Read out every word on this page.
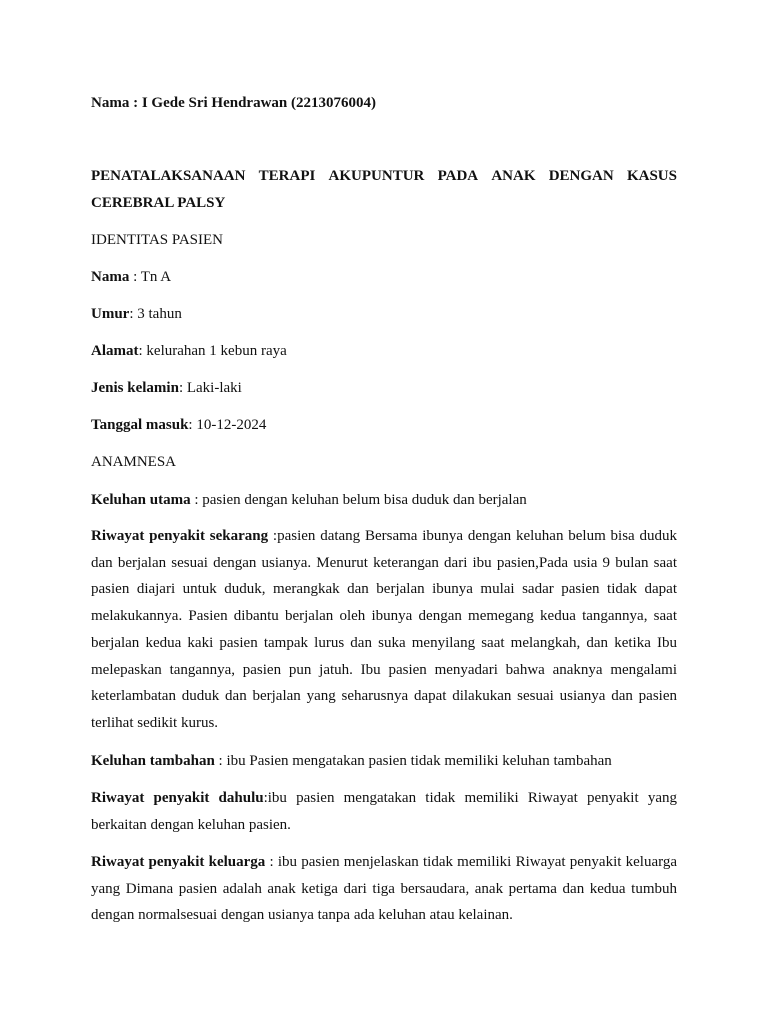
Nama : I Gede Sri Hendrawan (2213076004)
PENATALAKSANAAN TERAPI AKUPUNTUR PADA ANAK DENGAN KASUS
CEREBRAL PALSY
IDENTITAS PASIEN
Nama : Tn A
Umur: 3 tahun
Alamat: kelurahan 1 kebun raya
Jenis kelamin: Laki-laki
Tanggal masuk: 10-12-2024
ANAMNESA
Keluhan utama : pasien dengan keluhan belum bisa duduk dan berjalan
Riwayat penyakit sekarang :pasien datang Bersama ibunya dengan keluhan belum bisa duduk dan berjalan sesuai dengan usianya. Menurut keterangan dari ibu pasien,Pada usia 9 bulan saat pasien diajari untuk duduk, merangkak dan berjalan ibunya mulai sadar pasien tidak dapat melakukannya. Pasien dibantu berjalan oleh ibunya dengan memegang kedua tangannya, saat berjalan kedua kaki pasien tampak lurus dan suka menyilang saat melangkah, dan ketika Ibu melepaskan tangannya, pasien pun jatuh. Ibu pasien menyadari bahwa anaknya mengalami keterlambatan duduk dan berjalan yang seharusnya dapat dilakukan sesuai usianya dan pasien terlihat sedikit kurus.
Keluhan tambahan : ibu Pasien mengatakan pasien tidak memiliki keluhan tambahan
Riwayat penyakit dahulu:ibu pasien mengatakan tidak memiliki Riwayat penyakit yang berkaitan dengan keluhan pasien.
Riwayat penyakit keluarga : ibu pasien menjelaskan tidak memiliki Riwayat penyakit keluarga yang Dimana pasien adalah anak ketiga dari tiga bersaudara, anak pertama dan kedua tumbuh dengan normalsesuai dengan usianya tanpa ada keluhan atau kelainan.
